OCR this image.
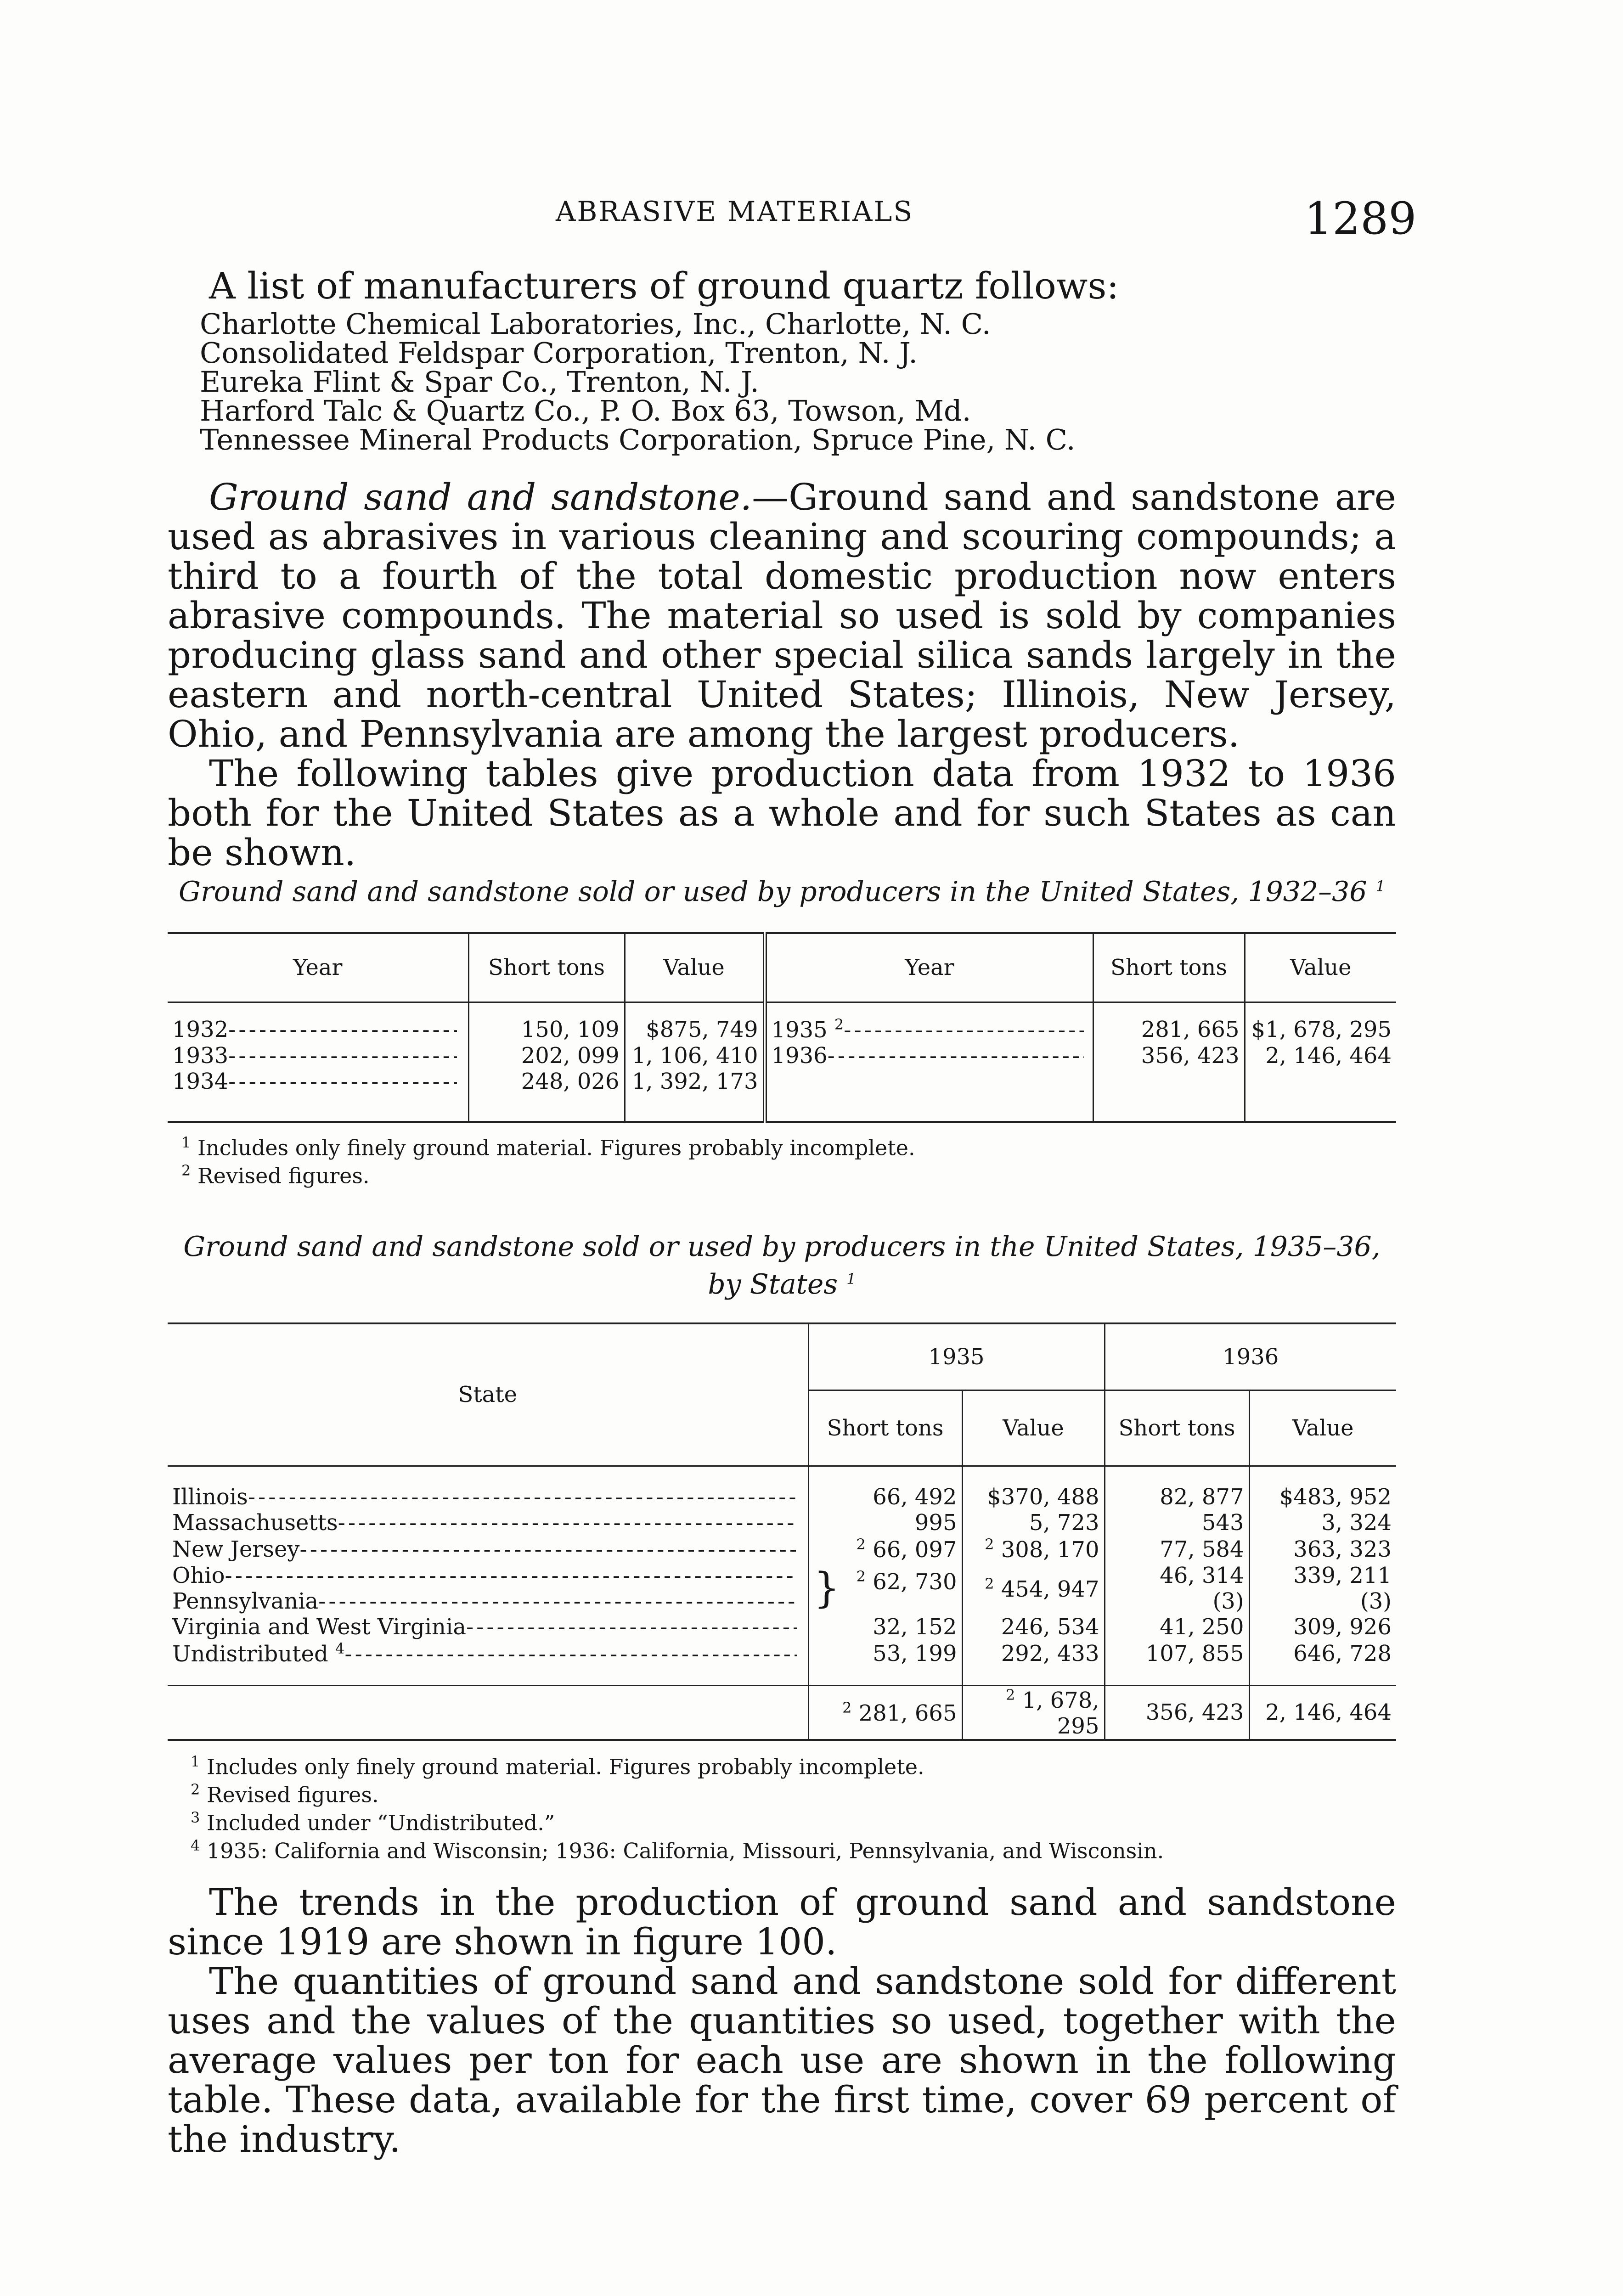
ABRASIVE MATERIALS	1289

A list of manufacturers of ground quartz follows:

Charlotte Chemical Laboratories, Inc., Charlotte, N. C.
Consolidated Feldspar Corporation, Trenton, N. J.
Eureka Flint & Spar Co., Trenton, N. J.
Harford Talc & Quartz Co., P. O. Box 63, Towson, Md.
Tennessee Mineral Products Corporation, Spruce Pine, N. C.

Ground sand and sandstone.—Ground sand and sandstone are used as abrasives in various cleaning and scouring compounds; a third to a fourth of the total domestic production now enters abrasive compounds. The material so used is sold by companies producing glass sand and other special silica sands largely in the eastern and north-central United States; Illinois, New Jersey, Ohio, and Pennsylvania are among the largest producers.

The following tables give production data from 1932 to 1936 both for the United States as a whole and for such States as can be shown.

Ground sand and sandstone sold or used by producers in the United States, 1932–36 $^1$
Year	Short tons	Value	Year	Short tons	Value

1932 -----	150, 109	$875, 749	1935 $^2$ -----	281, 665	$1, 678, 295

1933 -----	202, 099	1, 106, 410	1936 -----	356, 423	2, 146, 464

1934 -----	248, 026	1, 392, 173			

$^1$ Includes only finely ground material. Figures probably incomplete.
$^2$ Revised figures.
Ground sand and sandstone sold or used by producers in the United States, 1935–36,
by States $^1$
State	1935		1936	
	Short tons	Value	Short tons	Value

Illinois -----	66, 492	$370, 488	82, 877	$483, 952

Massachusetts -----	995	5, 723	543	3, 324

New Jersey -----	$^2$ 66, 097	$^2$ 308, 170	77, 584	363, 323

Ohio -----	} $^2$ 62, 730	$^2$ 454, 947	46, 314	339, 211

Pennsylvania -----			(3)	(3)

Virginia and West Virginia -----	32, 152	246, 534	41, 250	309, 926

Undistributed $^4$ -----	53, 199	292, 433	107, 855	646, 728

	$^2$ 281, 665	$^2$ 1, 678, 295	356, 423	2, 146, 464
$^1$ Includes only finely ground material. Figures probably incomplete.
$^2$ Revised figures.
$^3$ Included under “Undistributed.”
$^4$ 1935: California and Wisconsin; 1936: California, Missouri, Pennsylvania, and Wisconsin.

The trends in the production of ground sand and sandstone since 1919 are shown in figure 100.

The quantities of ground sand and sandstone sold for different uses and the values of the quantities so used, together with the average values per ton for each use are shown in the following table. These data, available for the first time, cover 69 percent of the industry.
